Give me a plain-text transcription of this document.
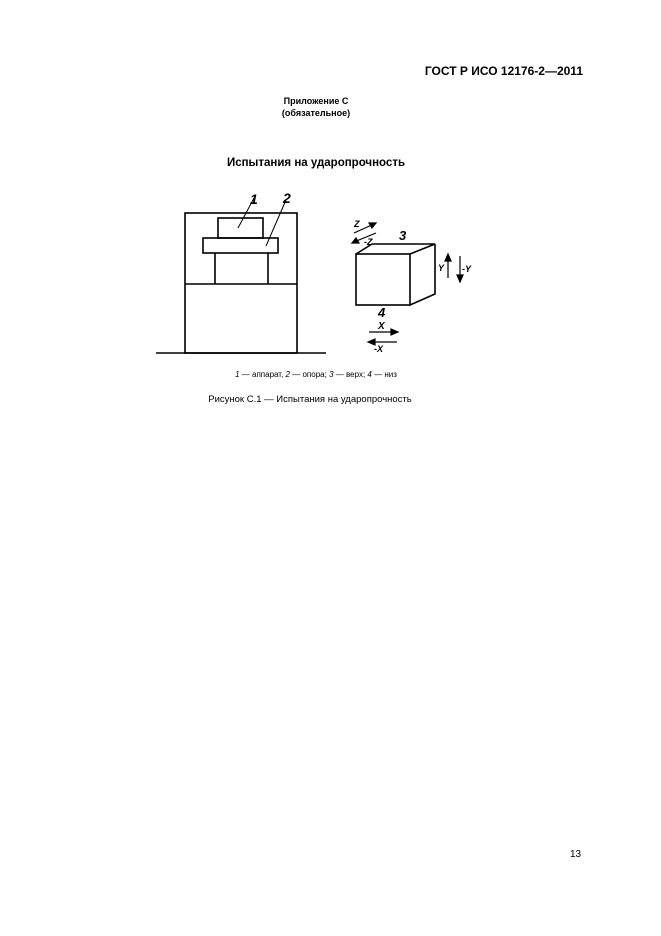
ГОСТ Р ИСО 12176-2—2011
Приложение С
(обязательное)
Испытания на ударопрочность
1 2
3
4
Z
-Z
Y -Y
X
-X
1 — аппарат, 2 — опора; 3 — верх; 4 — низ
Рисунок С.1 — Испытания на ударопрочность
13
